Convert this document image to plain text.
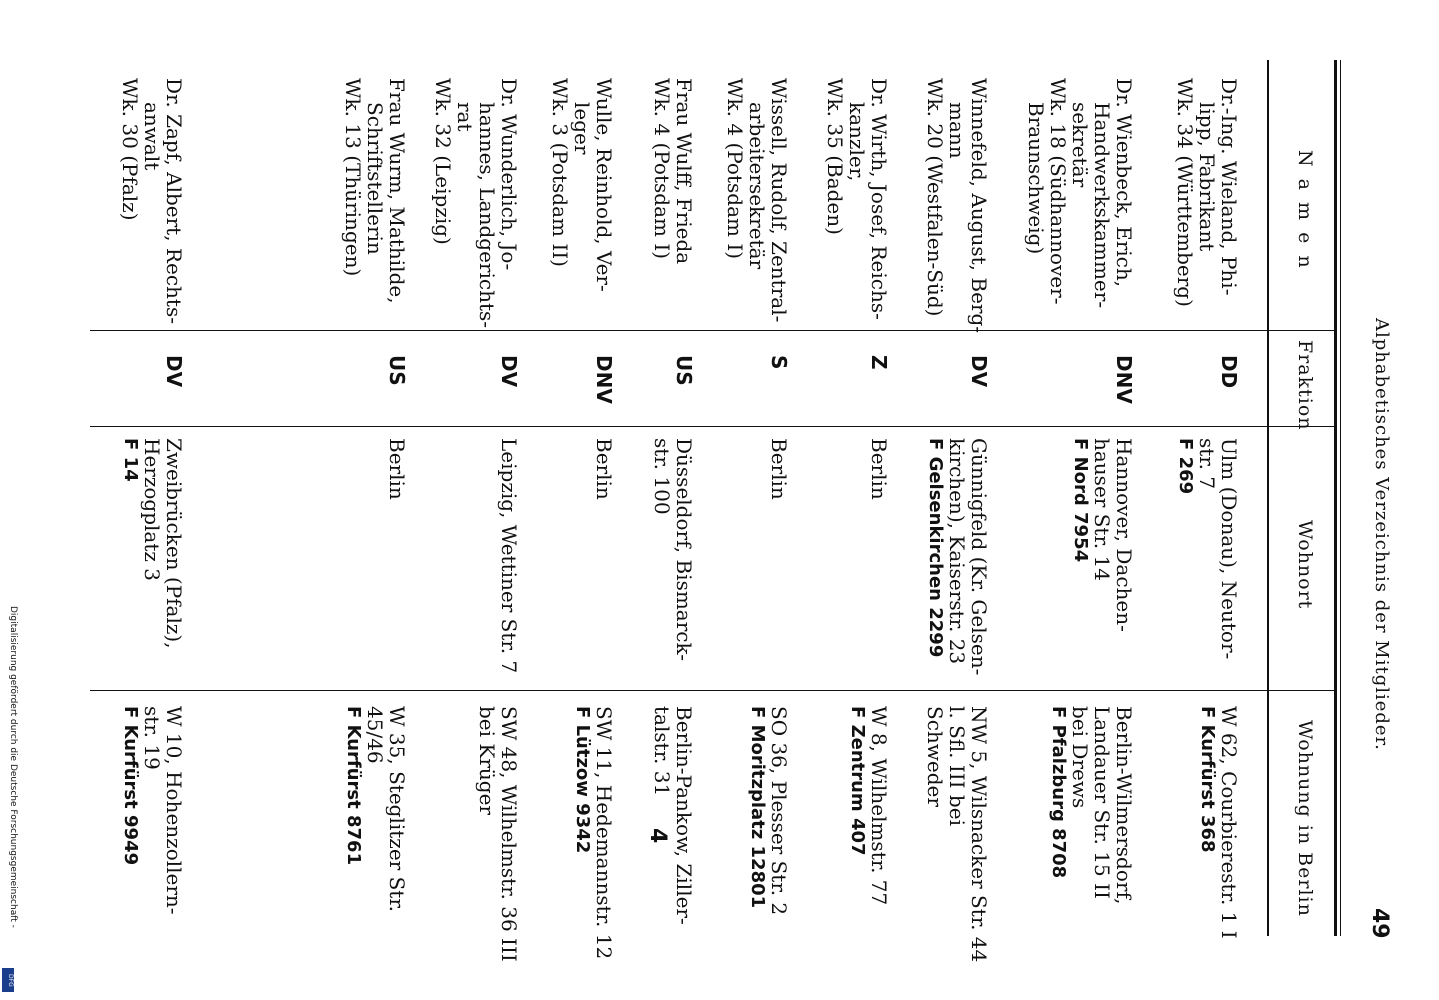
Alphabetisches Verzeichnis der Mitglieder.
49
4
Digitalisierung gefördert durch die Deutsche Forschungsgemeinschaft -
DFG
N a m e n
Fraktion
Wohnort
Wohnung in Berlin
Dr.-Ing. Wieland, Phi-
lipp, Fabrikant
Wk. 34 (Württemberg)
DD
Ulm (Donau), Neutor-
str. 7
F 269
W 62, Courbierestr. 1 I
F Kurfürst 368
Dr. Wienbeck, Erich,
Handwerkskammer-
sekretär
Wk. 18 (Südhannover-
Braunschweig)
DNV
Hannover, Dachen-
hauser Str. 14
F Nord 7954
Berlin-Wilmersdorf,
Landauer Str. 15 II
bei Drews
F Pfalzburg 8708
Winnefeld, August, Berg-
mann
Wk. 20 (Westfalen-Süd)
DV
Günnigfeld (Kr. Gelsen-
kirchen), Kaiserstr. 23
F Gelsenkirchen 2299
NW 5, Wilsnacker Str. 44
l. Sfl. III bei
Schweder
Dr. Wirth, Josef, Reichs-
kanzler,
Wk. 35 (Baden)
Z
Berlin
W 8, Wilhelmstr. 77
F Zentrum 407
Wissell, Rudolf, Zentral-
arbeitersekretär
Wk. 4 (Potsdam I)
S
Berlin
SO 36, Plesser Str. 2
F Moritzplatz 12801
Frau Wulff, Frieda
Wk. 4 (Potsdam I)
US
Düsseldorf, Bismarck-
str. 100
Berlin-Pankow, Ziller-
talstr. 31
Wulle, Reinhold, Ver-
leger
Wk. 3 (Potsdam II)
DNV
Berlin
SW 11, Hedemannstr. 12
F Lützow 9342
Dr. Wunderlich, Jo-
hannes, Landgerichts-
rat
Wk. 32 (Leipzig)
DV
Leipzig, Wettiner Str. 7
SW 48, Wilhelmstr. 36 III
bei Krüger
Frau Wurm, Mathilde,
Schriftstellerin
Wk. 13 (Thüringen)
US
Berlin
W 35, Steglitzer Str.
45/46
F Kurfürst 8761
Dr. Zapf, Albert, Rechts-
anwalt
Wk. 30 (Pfalz)
DV
Zweibrücken (Pfalz),
Herzogplatz 3
F 14
W 10, Hohenzollern-
str. 19
F Kurfürst 9949
